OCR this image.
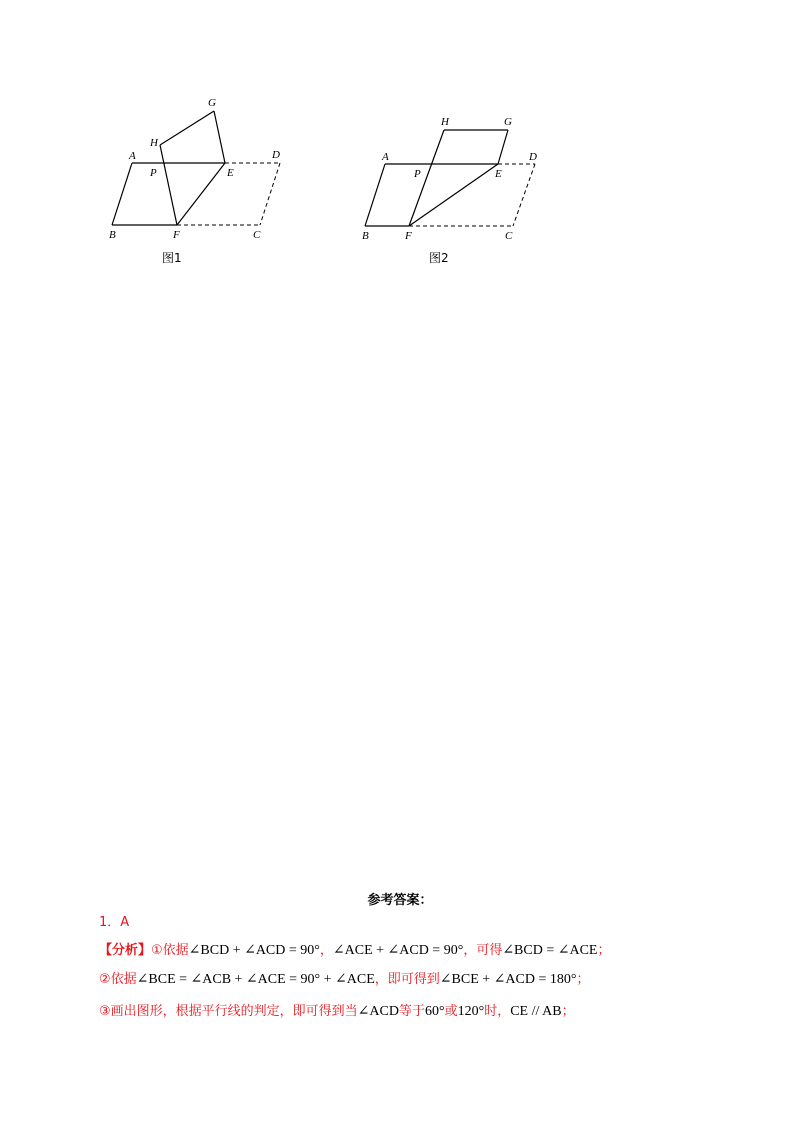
G
H
A
P	E
D
B	F	C
图1
H	G
A
P	E
D
B	F	C
图2
参考答案：
1．A
【分析】①依据∠BCD + ∠ACD = 90°，∠ACE + ∠ACD = 90°，可得∠BCD = ∠ACE；
②依据∠BCE = ∠ACB + ∠ACE = 90° + ∠ACE，即可得到∠BCE + ∠ACD = 180°；
③画出图形，根据平行线的判定，即可得到当∠ACD等于60°或120°时，CE // AB；
